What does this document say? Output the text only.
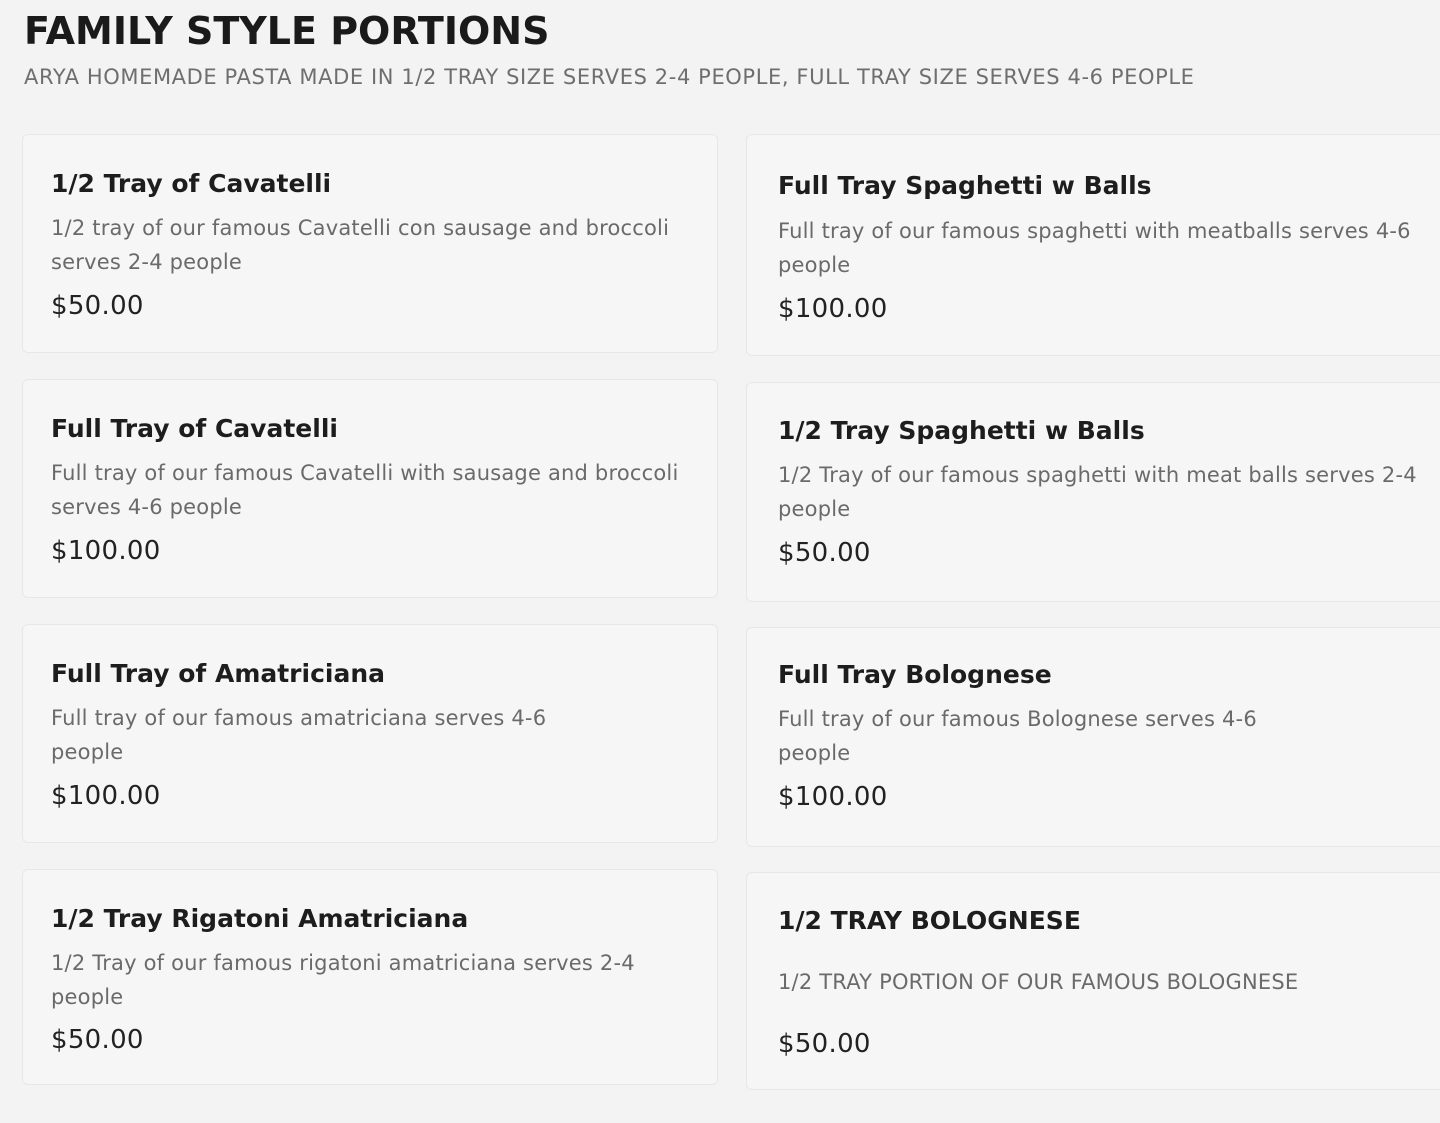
FAMILY STYLE PORTIONS

ARYA HOMEMADE PASTA MADE IN 1/2 TRAY SIZE SERVES 2-4 PEOPLE, FULL TRAY SIZE SERVES 4-6 PEOPLE

1/2 Tray of Cavatelli

1/2 tray of our famous Cavatelli con sausage and broccoli serves 2-4 people

$50.00

Full Tray Spaghetti w Balls

Full tray of our famous spaghetti with meatballs serves 4-6 people

$100.00

Full Tray of Cavatelli

Full tray of our famous Cavatelli with sausage and broccoli serves 4-6 people

$100.00

1/2 Tray Spaghetti w Balls

1/2 Tray of our famous spaghetti with meat balls serves 2-4 people

$50.00

Full Tray of Amatriciana

Full tray of our famous amatriciana serves 4-6 people

$100.00

Full Tray Bolognese

Full tray of our famous Bolognese serves 4-6 people

$100.00

1/2 Tray Rigatoni Amatriciana

1/2 Tray of our famous rigatoni amatriciana serves 2-4 people

$50.00

1/2 TRAY BOLOGNESE

1/2 TRAY PORTION OF OUR FAMOUS BOLOGNESE

$50.00
